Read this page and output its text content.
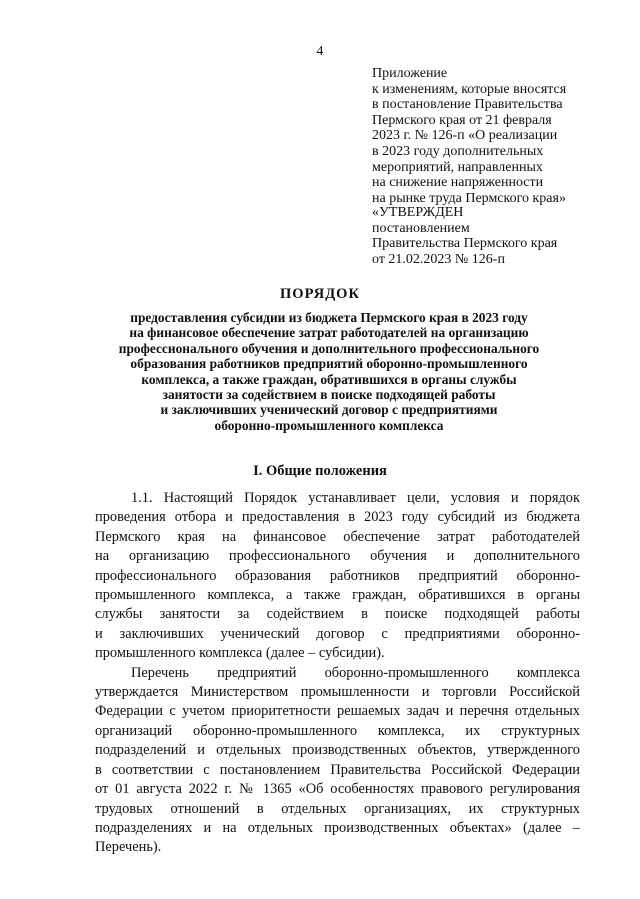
4
Приложение
к изменениям, которые вносятся
в постановление Правительства
Пермского края от 21 февраля
2023 г. № 126-п «О реализации
в 2023 году дополнительных
мероприятий, направленных
на снижение напряженности
на рынке труда Пермского края»
«УТВЕРЖДЕН
постановлением
Правительства Пермского края
от 21.02.2023 № 126-п
ПОРЯДОК
предоставления субсидии из бюджета Пермского края в 2023 году
на финансовое обеспечение затрат работодателей на организацию
профессионального обучения и дополнительного профессионального
образования работников предприятий оборонно-промышленного
комплекса, а также граждан, обратившихся в органы службы
занятости за содействием в поиске подходящей работы
и заключивших ученический договор с предприятиями
оборонно-промышленного комплекса
I. Общие положения
1.1. Настоящий Порядок устанавливает цели, условия и порядок
проведения отбора и предоставления в 2023 году субсидий из бюджета
Пермского края на финансовое обеспечение затрат работодателей
на организацию профессионального обучения и дополнительного
профессионального образования работников предприятий оборонно-
промышленного комплекса, а также граждан, обратившихся в органы
службы занятости за содействием в поиске подходящей работы
и заключивших ученический договор с предприятиями оборонно-
промышленного комплекса (далее – субсидии).
Перечень предприятий оборонно-промышленного комплекса
утверждается Министерством промышленности и торговли Российской
Федерации с учетом приоритетности решаемых задач и перечня отдельных
организаций оборонно-промышленного комплекса, их структурных
подразделений и отдельных производственных объектов, утвержденного
в соответствии с постановлением Правительства Российской Федерации
от 01 августа 2022 г. № 1365 «Об особенностях правового регулирования
трудовых отношений в отдельных организациях, их структурных
подразделениях и на отдельных производственных объектах» (далее –
Перечень).
